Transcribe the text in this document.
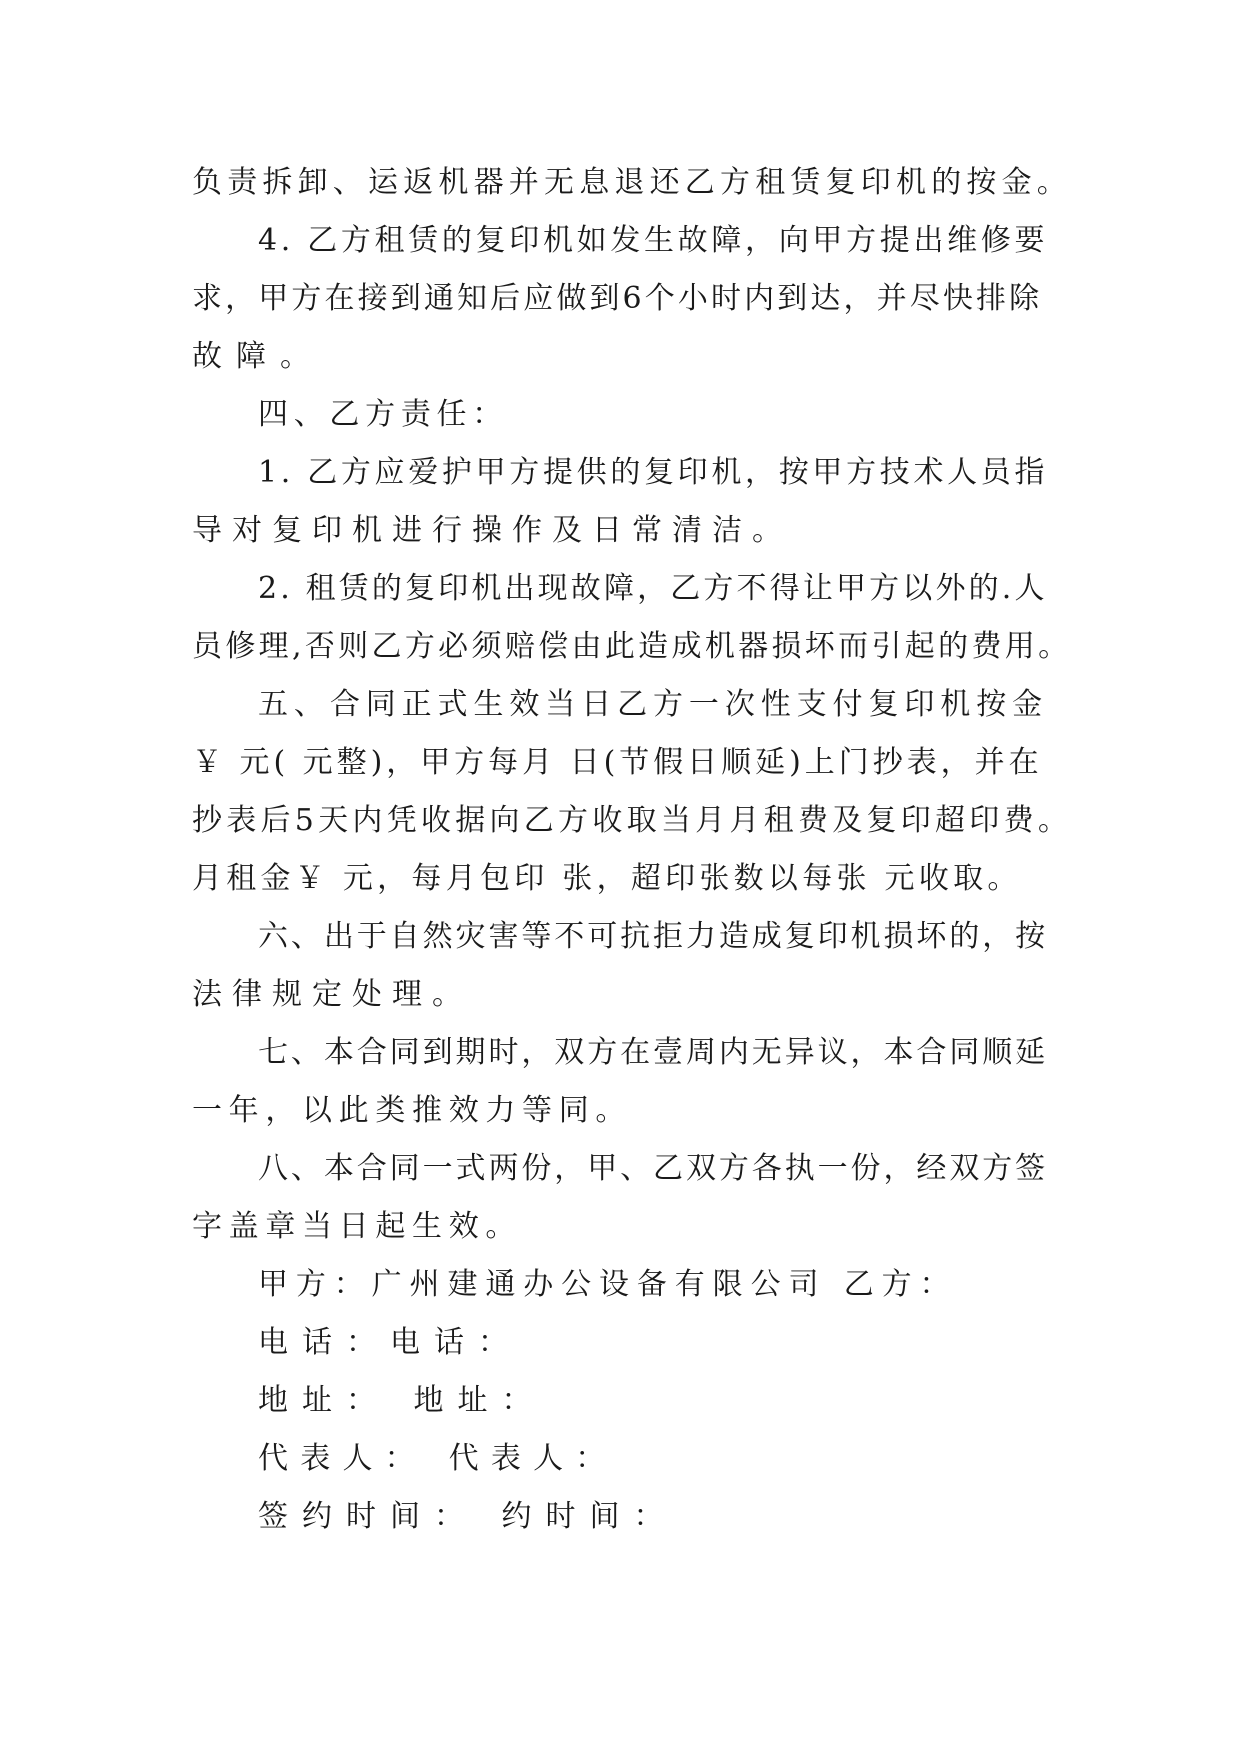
负责拆卸、运返机器并无息退还乙方租赁复印机的按金。
4. 乙方租赁的复印机如发生故障，向甲方提出维修要
求，甲方在接到通知后应做到6个小时内到达，并尽快排除
故障。
四、乙方责任：
1. 乙方应爱护甲方提供的复印机，按甲方技术人员指
导对复印机进行操作及日常清洁。
2. 租赁的复印机出现故障，乙方不得让甲方以外的.人
员修理,否则乙方必须赔偿由此造成机器损坏而引起的费用。
五、合同正式生效当日乙方一次性支付复印机按金
￥ 元( 元整)，甲方每月 日(节假日顺延)上门抄表，并在
抄表后5天内凭收据向乙方收取当月月租费及复印超印费。
月租金￥ 元，每月包印 张，超印张数以每张 元收取。
六、出于自然灾害等不可抗拒力造成复印机损坏的，按
法律规定处理。
七、本合同到期时，双方在壹周内无异议，本合同顺延
一年，以此类推效力等同。
八、本合同一式两份，甲、乙双方各执一份，经双方签
字盖章当日起生效。
甲方：广州建通办公设备有限公司 乙方：
电话：电话：
地址： 地址：
代表人： 代表人：
签约时间： 约时间：
